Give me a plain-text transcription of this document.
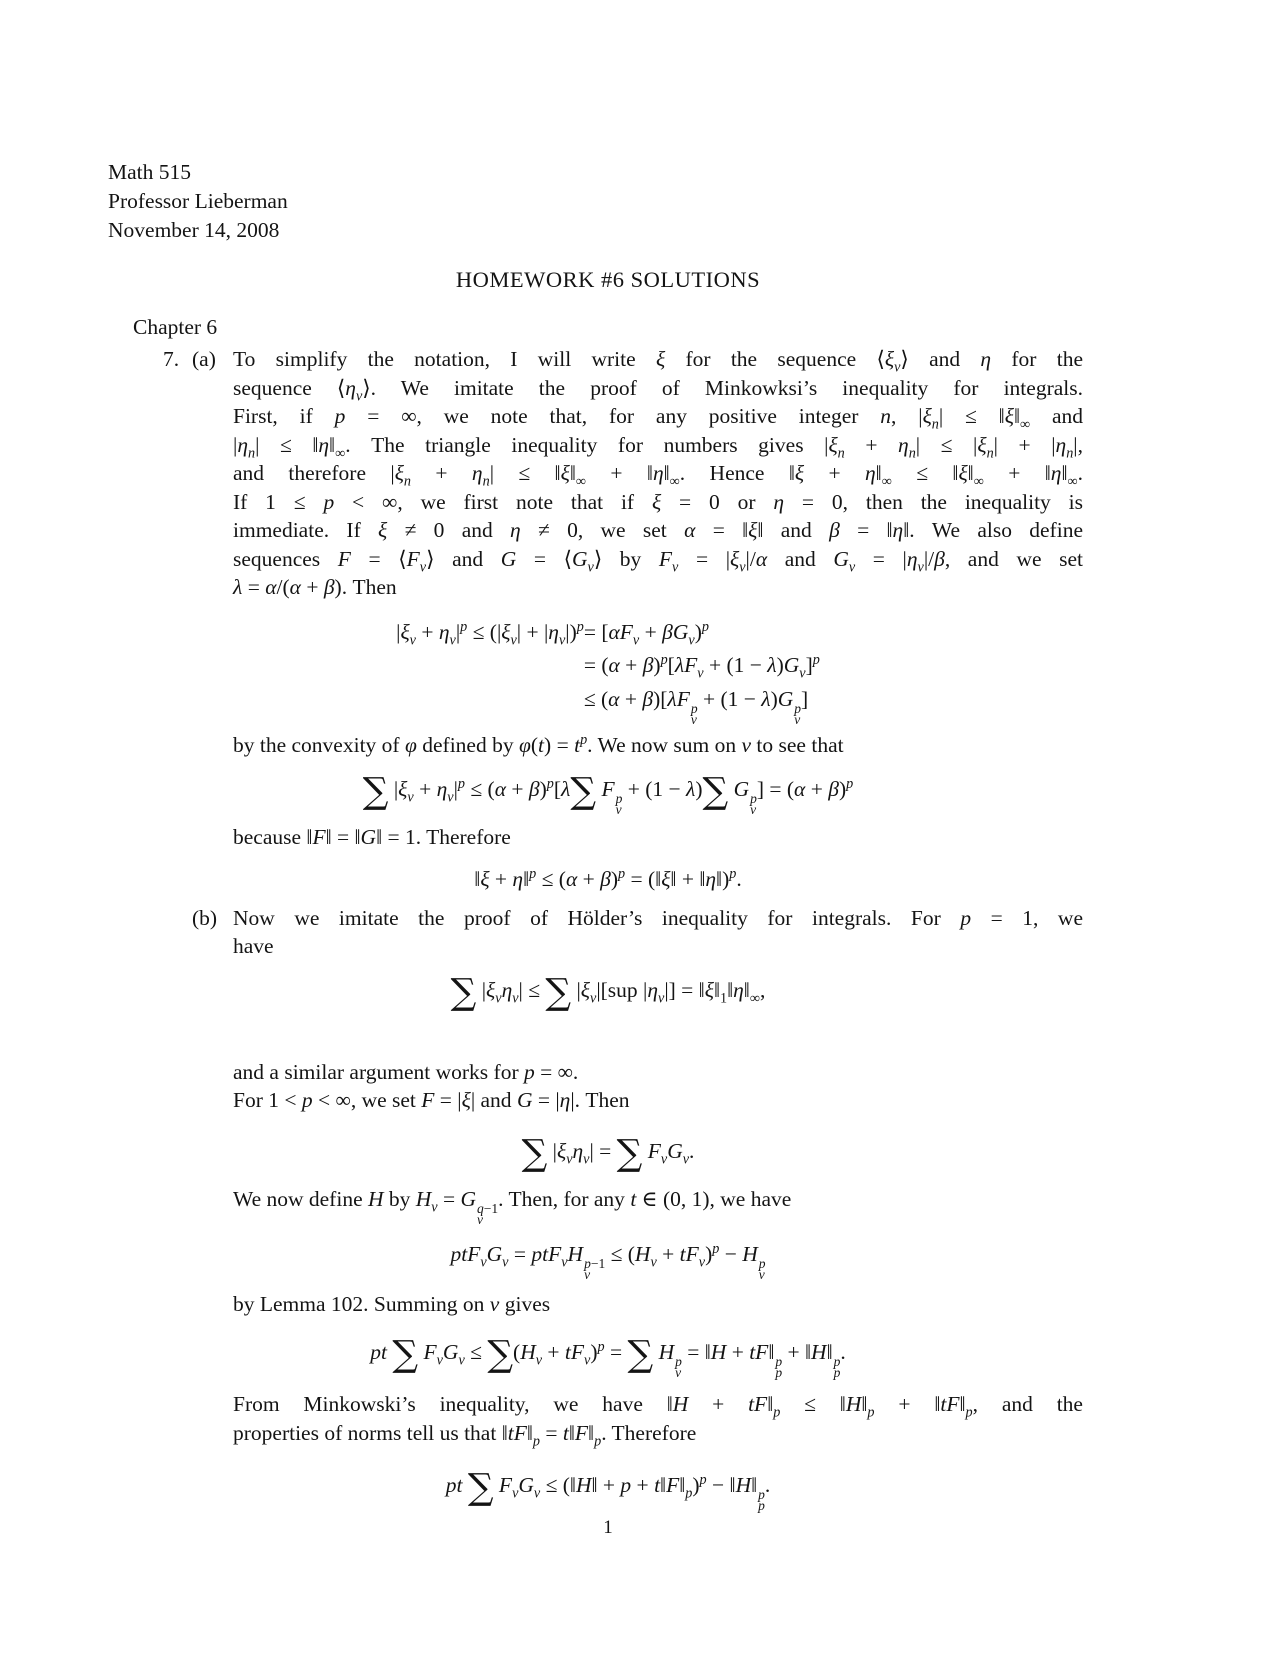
Math 515
Professor Lieberman
November 14, 2008
HOMEWORK #6 SOLUTIONS
Chapter 6
7. (a) To simplify the notation, I will write ξ for the sequence $⟨\xi_\nu⟩$ and η for the
sequence $⟨\eta_\nu⟩$. We imitate the proof of Minkowksi’s inequality for integrals.
First, if p = ∞, we note that, for any positive integer n, $|\xi_n|$ ≤ $‖\xi‖_\infty$ and
$|\eta_n|$ ≤ $‖\eta‖_\infty$. The triangle inequality for numbers gives $|\xi_n + \eta_n| \le |\xi_n| + |\eta_n|$,
and therefore $|\xi_n + \eta_n|$ ≤ $‖\xi‖_\infty$ + $‖\eta‖_\infty$. Hence ‖ξ + $\eta‖_\infty$ ≤ $‖\xi‖_\infty$ + $‖\eta‖_\infty$.
If 1 ≤ p < ∞, we first note that if ξ = 0 or η = 0, then the inequality is
immediate. If ξ ≠ 0 and η ≠ 0, we set α = ‖ξ‖ and β = ‖η‖. We also define
sequences $F = ⟨F_\nu⟩$ and $G = ⟨G_\nu⟩$ by $F_\nu = |\xi_\nu|/\alpha$ and $G_\nu = |\eta_\nu|/\beta$, and we set
λ = α/(α + β). Then
$|\xi_\nu + \eta_\nu|^p \le (|\xi_\nu| + |\eta_\nu|)^p$	= $[\alpha F_\nu + \beta G_\nu)^p$
	= $(\alpha + \beta)^p[\lambda F_\nu + (1 - \lambda)G_\nu]^p$
	≤ (α + β)[λF p
ν
+ (1 − λ)G p
ν
]
by the convexity of φ defined by $\varphi(t) = t^p$. We now sum on ν to see that
∑ $|\xi_\nu + \eta_\nu|^p \le (\alpha + \beta)^p[\lambda\sum$ F p
ν
+ (1 − λ)∑ G p
ν
] = $(\alpha + \beta)^p$
because ‖F‖ = ‖G‖ = 1. Therefore
‖ξ + η‖$^p$ ≤ $(\alpha + \beta)^p$ = (‖ξ‖ + ‖η‖)$^p$.
(b) Now we imitate the proof of Hölder’s inequality for integrals. For p = 1, we
have
∑ $|\xi_\nu\eta_\nu|$ ≤ ∑ $|\xi_\nu|[sup$ $|\eta_\nu|$] = $‖\xi‖_1‖\eta‖_\infty$,
and a similar argument works for p = ∞.
For 1 < p < ∞, we set F = |ξ| and G = |η|. Then
∑ $|\xi_\nu\eta_\nu|$ = ∑ $F_\nu G_\nu$.
We now define H by $H_\nu = G$ q−1
ν
. Then, for any t ∈ (0, 1), we have
$ptF_\nu G_\nu = ptF_\nu H$ p−1
ν
≤ $(H_\nu + tF_\nu)^p - H$ p
ν
by Lemma 102. Summing on ν gives
pt ∑ $F_\nu G_\nu \le \sum(H_\nu + tF_\nu)^p$ = ∑ H p
ν
= ‖H + tF‖ p
p
+ ‖H‖ p
p
.
From Minkowski’s inequality, we have ‖H + $tF‖_p$ ≤ $‖H‖_p$ + $‖tF‖_p$, and the
properties of norms tell us that $‖tF‖_p$ = $t‖F‖_p$. Therefore
pt ∑ $F_\nu G_\nu$ ≤ (‖H‖ + $p + t‖F‖_p)^p$ − ‖H‖ p
p
.
1
